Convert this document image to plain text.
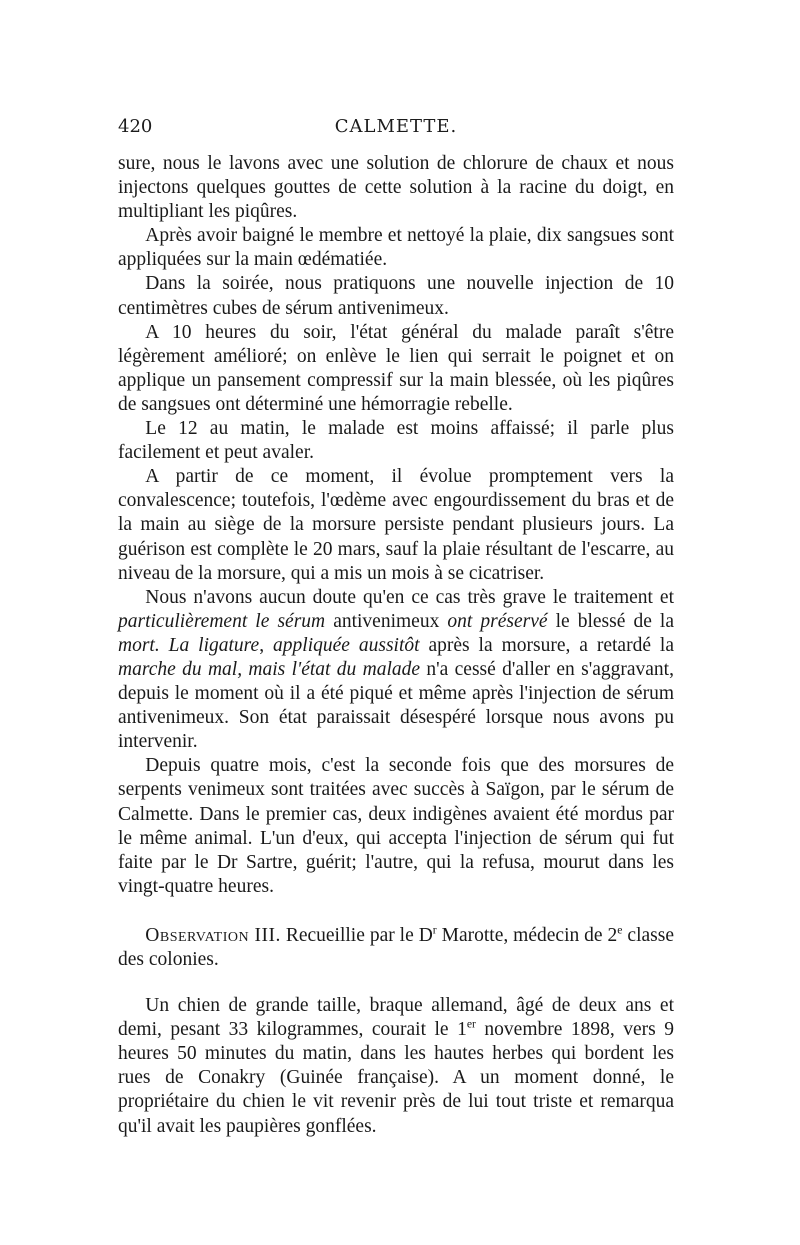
420	CALMETTE.

sure, nous le lavons avec une solution de chlorure de chaux et nous injectons quelques gouttes de cette solution à la racine du doigt, en multipliant les piqûres.

Après avoir baigné le membre et nettoyé la plaie, dix sangsues sont appliquées sur la main œdématiée.

Dans la soirée, nous pratiquons une nouvelle injection de 10 centimètres cubes de sérum antivenimeux.

A 10 heures du soir, l'état général du malade paraît s'être légèrement amélioré; on enlève le lien qui serrait le poignet et on applique un pansement compressif sur la main blessée, où les piqûres de sangsues ont déterminé une hémorragie rebelle.

Le 12 au matin, le malade est moins affaissé; il parle plus facilement et peut avaler.

A partir de ce moment, il évolue promptement vers la convalescence; toutefois, l'œdème avec engourdissement du bras et de la main au siège de la morsure persiste pendant plusieurs jours. La guérison est complète le 20 mars, sauf la plaie résultant de l'escarre, au niveau de la morsure, qui a mis un mois à se cicatriser.

Nous n'avons aucun doute qu'en ce cas très grave le traitement et particulièrement le sérum antivenimeux ont préservé le blessé de la mort. La ligature, appliquée aussitôt après la morsure, a retardé la marche du mal, mais l'état du malade n'a cessé d'aller en s'aggravant, depuis le moment où il a été piqué et même après l'injection de sérum antivenimeux. Son état paraissait désespéré lorsque nous avons pu intervenir.

Depuis quatre mois, c'est la seconde fois que des morsures de serpents venimeux sont traitées avec succès à Saïgon, par le sérum de Calmette. Dans le premier cas, deux indigènes avaient été mordus par le même animal. L'un d'eux, qui accepta l'injection de sérum qui fut faite par le Dr Sartre, guérit; l'autre, qui la refusa, mourut dans les vingt-quatre heures.

Observation III. Recueillie par le $D^r$ Marotte, médecin de 2e classe des colonies.

Un chien de grande taille, braque allemand, âgé de deux ans et demi, pesant 33 kilogrammes, courait le 1er novembre 1898, vers 9 heures 50 minutes du matin, dans les hautes herbes qui bordent les rues de Conakry (Guinée française). A un moment donné, le propriétaire du chien le vit revenir près de lui tout triste et remarqua qu'il avait les paupières gonflées.
